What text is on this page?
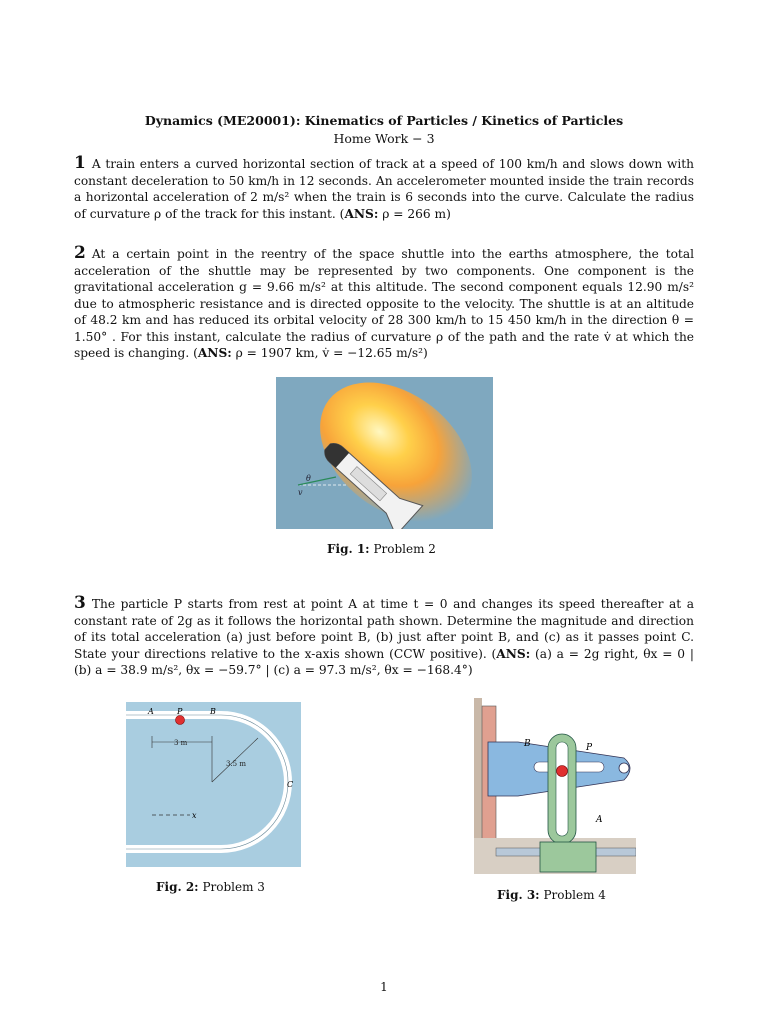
Dynamics (ME20001): Kinematics of Particles / Kinetics of Particles
Home Work − 3
1 A train enters a curved horizontal section of track at a speed of 100 km/h and slows down with constant deceleration to 50 km/h in 12 seconds. An accelerometer mounted inside the train records a horizontal acceleration of 2 m/s² when the train is 6 seconds into the curve. Calculate the radius of curvature ρ of the track for this instant. (ANS: ρ = 266 m)
2 At a certain point in the reentry of the space shuttle into the earths atmosphere, the total acceleration of the shuttle may be represented by two components. One component is the gravitational acceleration g = 9.66 m/s² at this altitude. The second component equals 12.90 m/s² due to atmospheric resistance and is directed opposite to the velocity. The shuttle is at an altitude of 48.2 km and has reduced its orbital velocity of 28 300 km/h to 15 450 km/h in the direction θ = 1.50° . For this instant, calculate the radius of curvature ρ of the path and the rate v̇ at which the speed is changing. (ANS: ρ = 1907 km, v̇ = −12.65 m/s²)
θ
v
Fig. 1: Problem 2
3 The particle P starts from rest at point A at time t = 0 and changes its speed thereafter at a constant rate of 2g as it follows the horizontal path shown. Determine the magnitude and direction of its total acceleration (a) just before point B, (b) just after point B, and (c) as it passes point C. State your directions relative to the x-axis shown (CCW positive). (ANS: (a) a = 2g right, θx = 0 | (b) a = 38.9 m/s², θx = −59.7° | (c) a = 97.3 m/s², θx = −168.4°)
A	P	B
C
3 m
3.5 m
x
Fig. 2: Problem 3
B	P
A
Fig. 3: Problem 4
1
